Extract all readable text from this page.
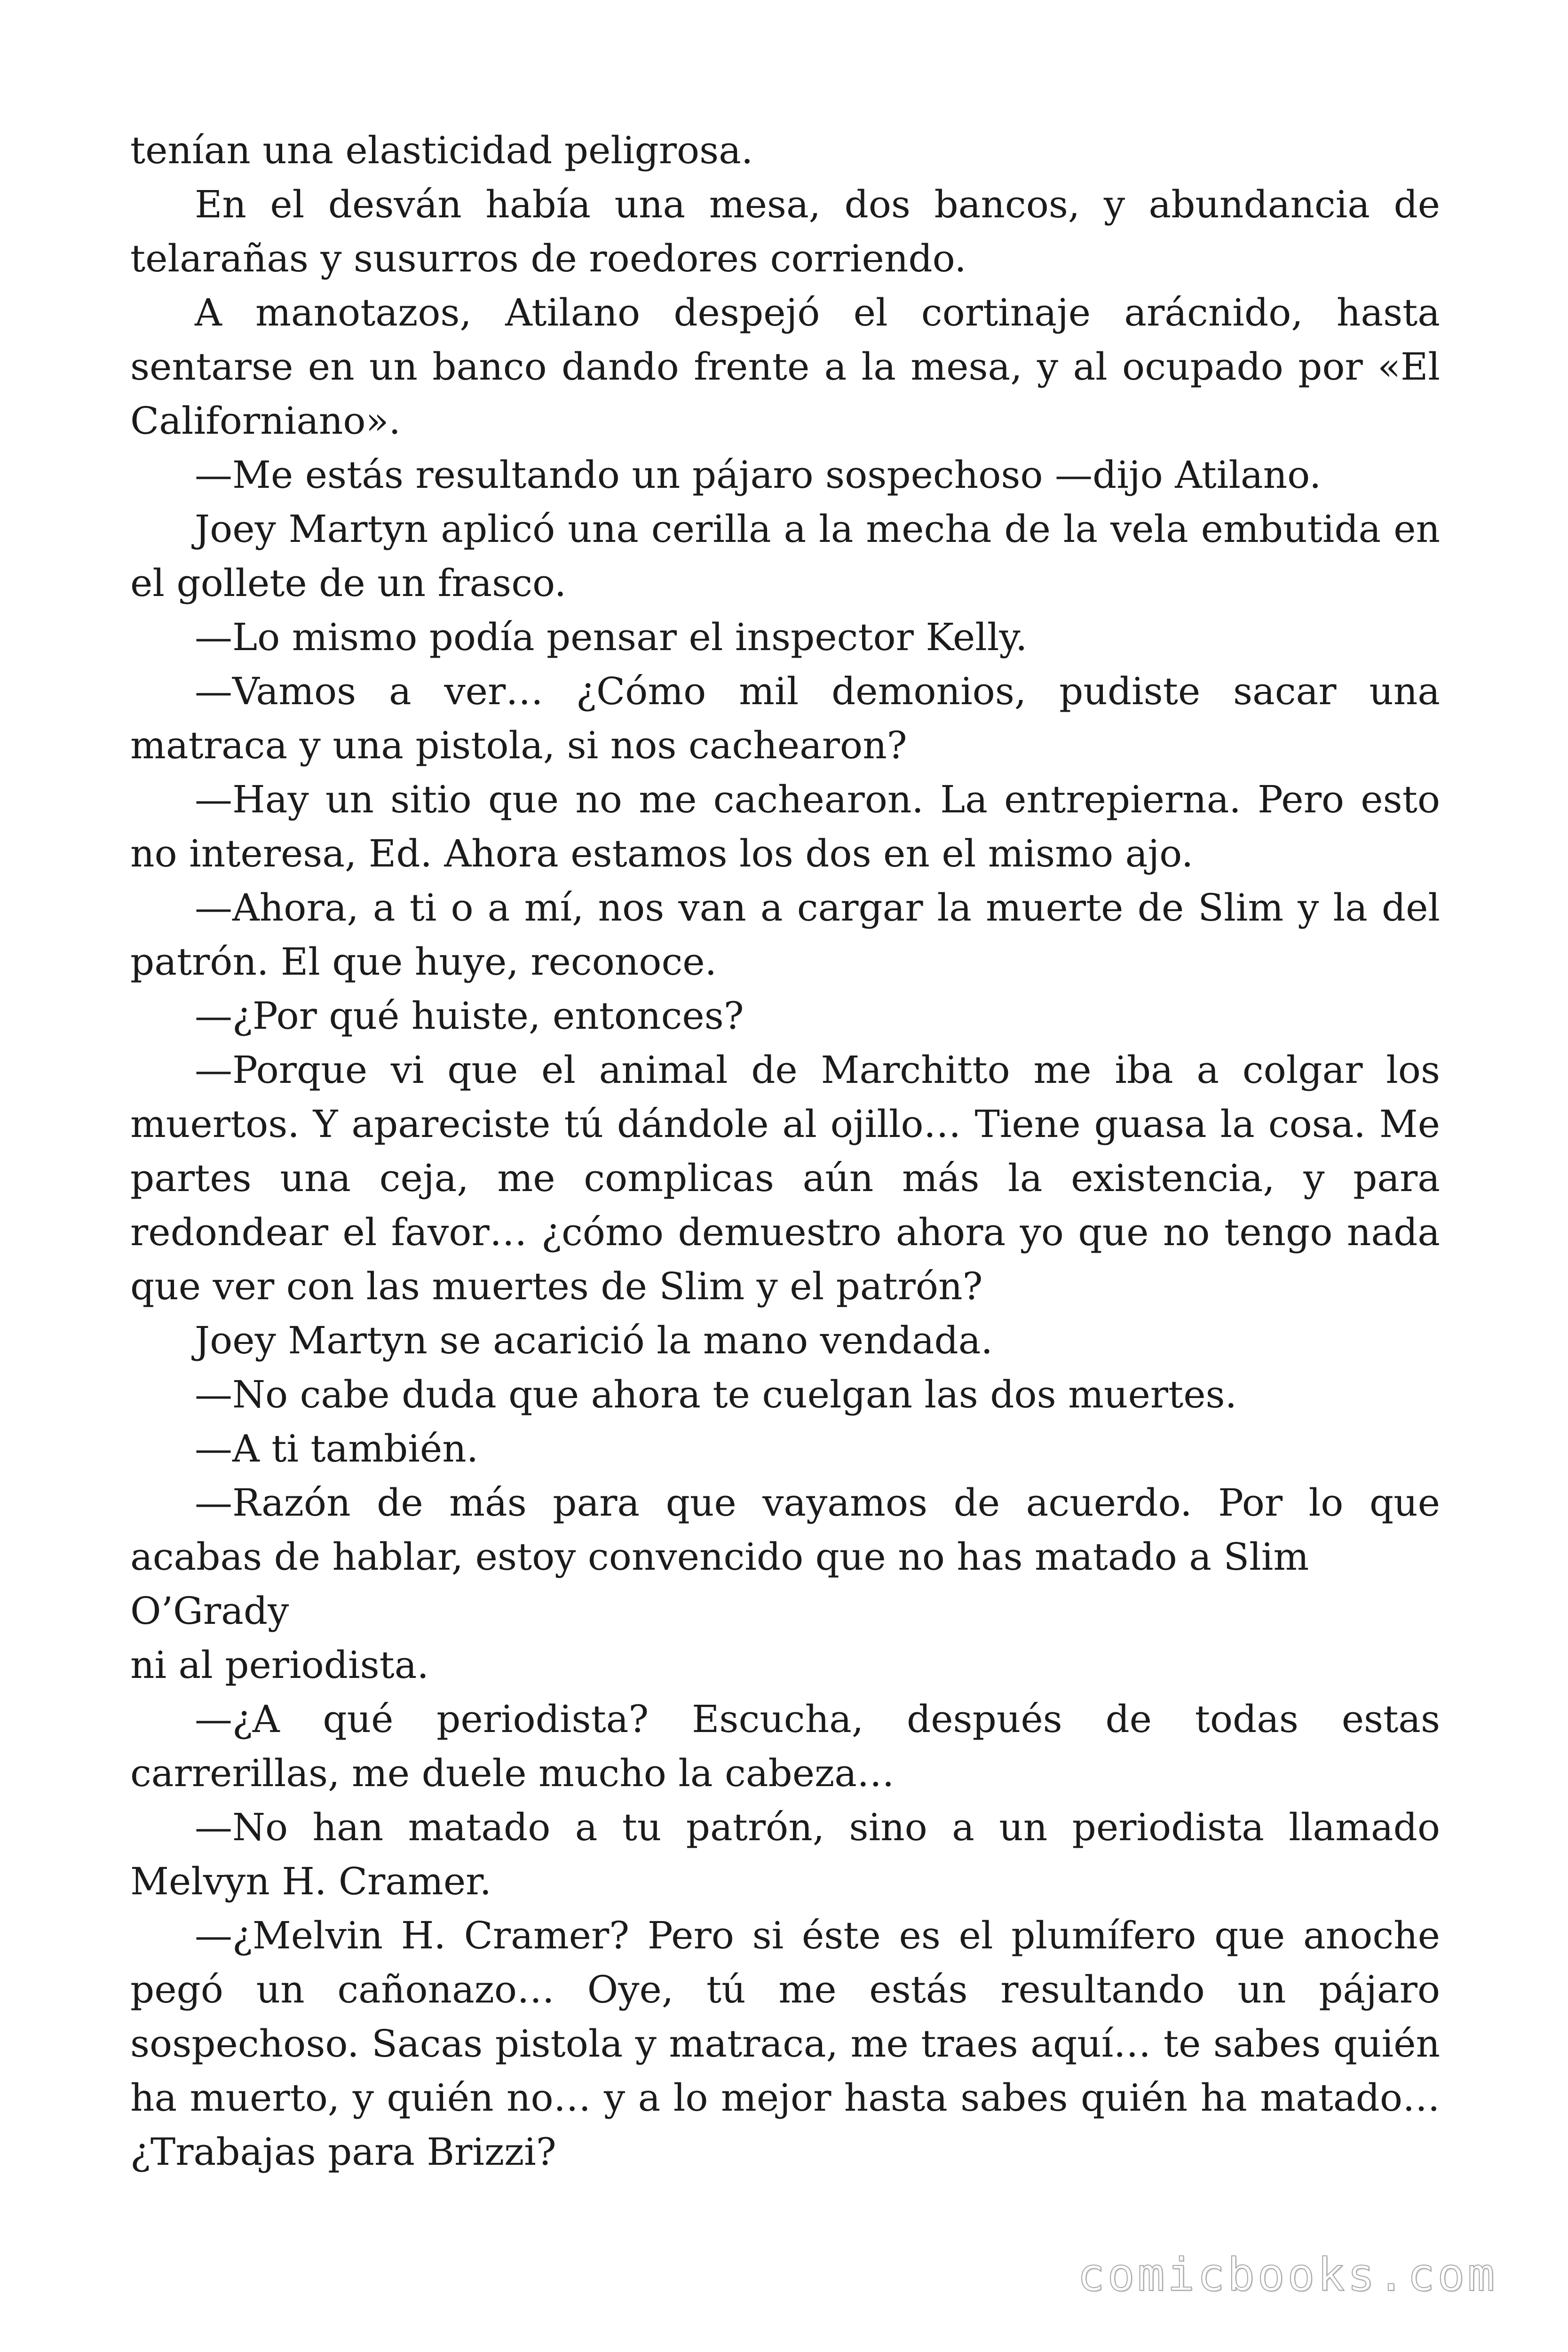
tenían una elasticidad peligrosa.

En el desván había una mesa, dos bancos, y abundancia de telarañas y susurros de roedores corriendo.

A manotazos, Atilano despejó el cortinaje arácnido, hasta sentarse en un banco dando frente a la mesa, y al ocupado por «El Californiano».

—Me estás resultando un pájaro sospechoso —dijo Atilano.

Joey Martyn aplicó una cerilla a la mecha de la vela embutida en el gollete de un frasco.

—Lo mismo podía pensar el inspector Kelly.

—Vamos a ver… ¿Cómo mil demonios, pudiste sacar una matraca y una pistola, si nos cachearon?

—Hay un sitio que no me cachearon. La entrepierna. Pero esto no interesa, Ed. Ahora estamos los dos en el mismo ajo.

—Ahora, a ti o a mí, nos van a cargar la muerte de Slim y la del patrón. El que huye, reconoce.

—¿Por qué huiste, entonces?

—Porque vi que el animal de Marchitto me iba a colgar los muertos. Y apareciste tú dándole al ojillo… Tiene guasa la cosa. Me partes una ceja, me complicas aún más la existencia, y para redondear el favor… ¿cómo demuestro ahora yo que no tengo nada que ver con las muertes de Slim y el patrón?

Joey Martyn se acarició la mano vendada.

—No cabe duda que ahora te cuelgan las dos muertes.

—A ti también.

—Razón de más para que vayamos de acuerdo. Por lo que acabas de hablar, estoy convencido que no has matado a Slim

O’Grady

ni al periodista.

—¿A qué periodista? Escucha, después de todas estas carrerillas, me duele mucho la cabeza…

—No han matado a tu patrón, sino a un periodista llamado Melvyn H. Cramer.

—¿Melvin H. Cramer? Pero si éste es el plumífero que anoche pegó un cañonazo… Oye, tú me estás resultando un pájaro sospechoso. Sacas pistola y matraca, me traes aquí… te sabes quién ha muerto, y quién no… y a lo mejor hasta sabes quién ha matado… ¿Trabajas para Brizzi?

comicbooks.com
